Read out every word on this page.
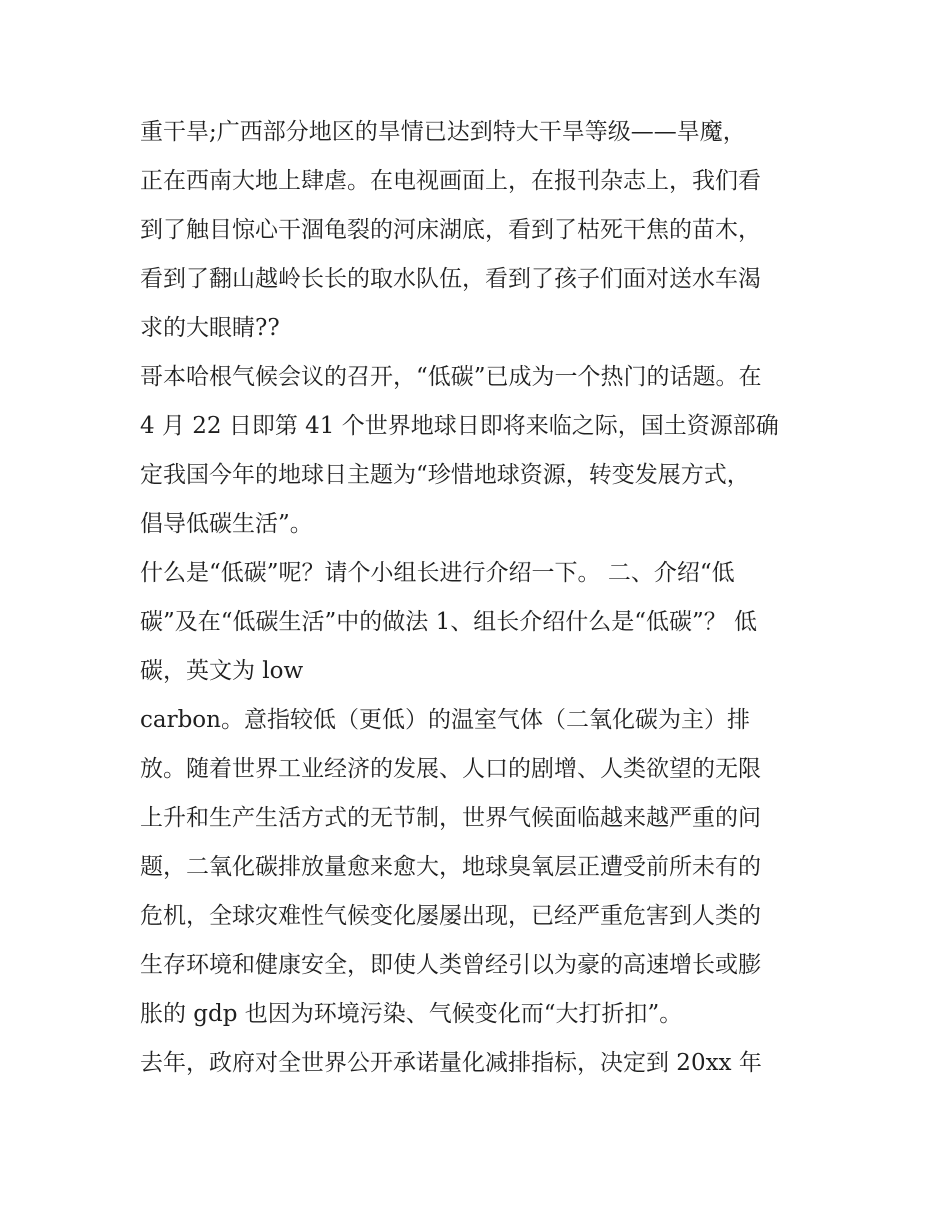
重干旱;广西部分地区的旱情已达到特大干旱等级——旱魔，
正在西南大地上肆虐。在电视画面上，在报刊杂志上，我们看
到了触目惊心干涸龟裂的河床湖底，看到了枯死干焦的苗木，
看到了翻山越岭长长的取水队伍，看到了孩子们面对送水车渴
求的大眼睛??
哥本哈根气候会议的召开，“低碳”已成为一个热门的话题。在
4 月 22 日即第 41 个世界地球日即将来临之际，国土资源部确
定我国今年的地球日主题为“珍惜地球资源，转变发展方式，
倡导低碳生活”。
什么是“低碳”呢？请个小组长进行介绍一下。 二、介绍“低
碳”及在“低碳生活”中的做法 1、组长介绍什么是“低碳”？ 低
碳，英文为 low
carbon。意指较低（更低）的温室气体（二氧化碳为主）排
放。随着世界工业经济的发展、人口的剧增、人类欲望的无限
上升和生产生活方式的无节制，世界气候面临越来越严重的问
题，二氧化碳排放量愈来愈大，地球臭氧层正遭受前所未有的
危机，全球灾难性气候变化屡屡出现，已经严重危害到人类的
生存环境和健康安全，即使人类曾经引以为豪的高速增长或膨
胀的 gdp 也因为环境污染、气候变化而“大打折扣”。
去年，政府对全世界公开承诺量化减排指标，决定到 20xx 年
